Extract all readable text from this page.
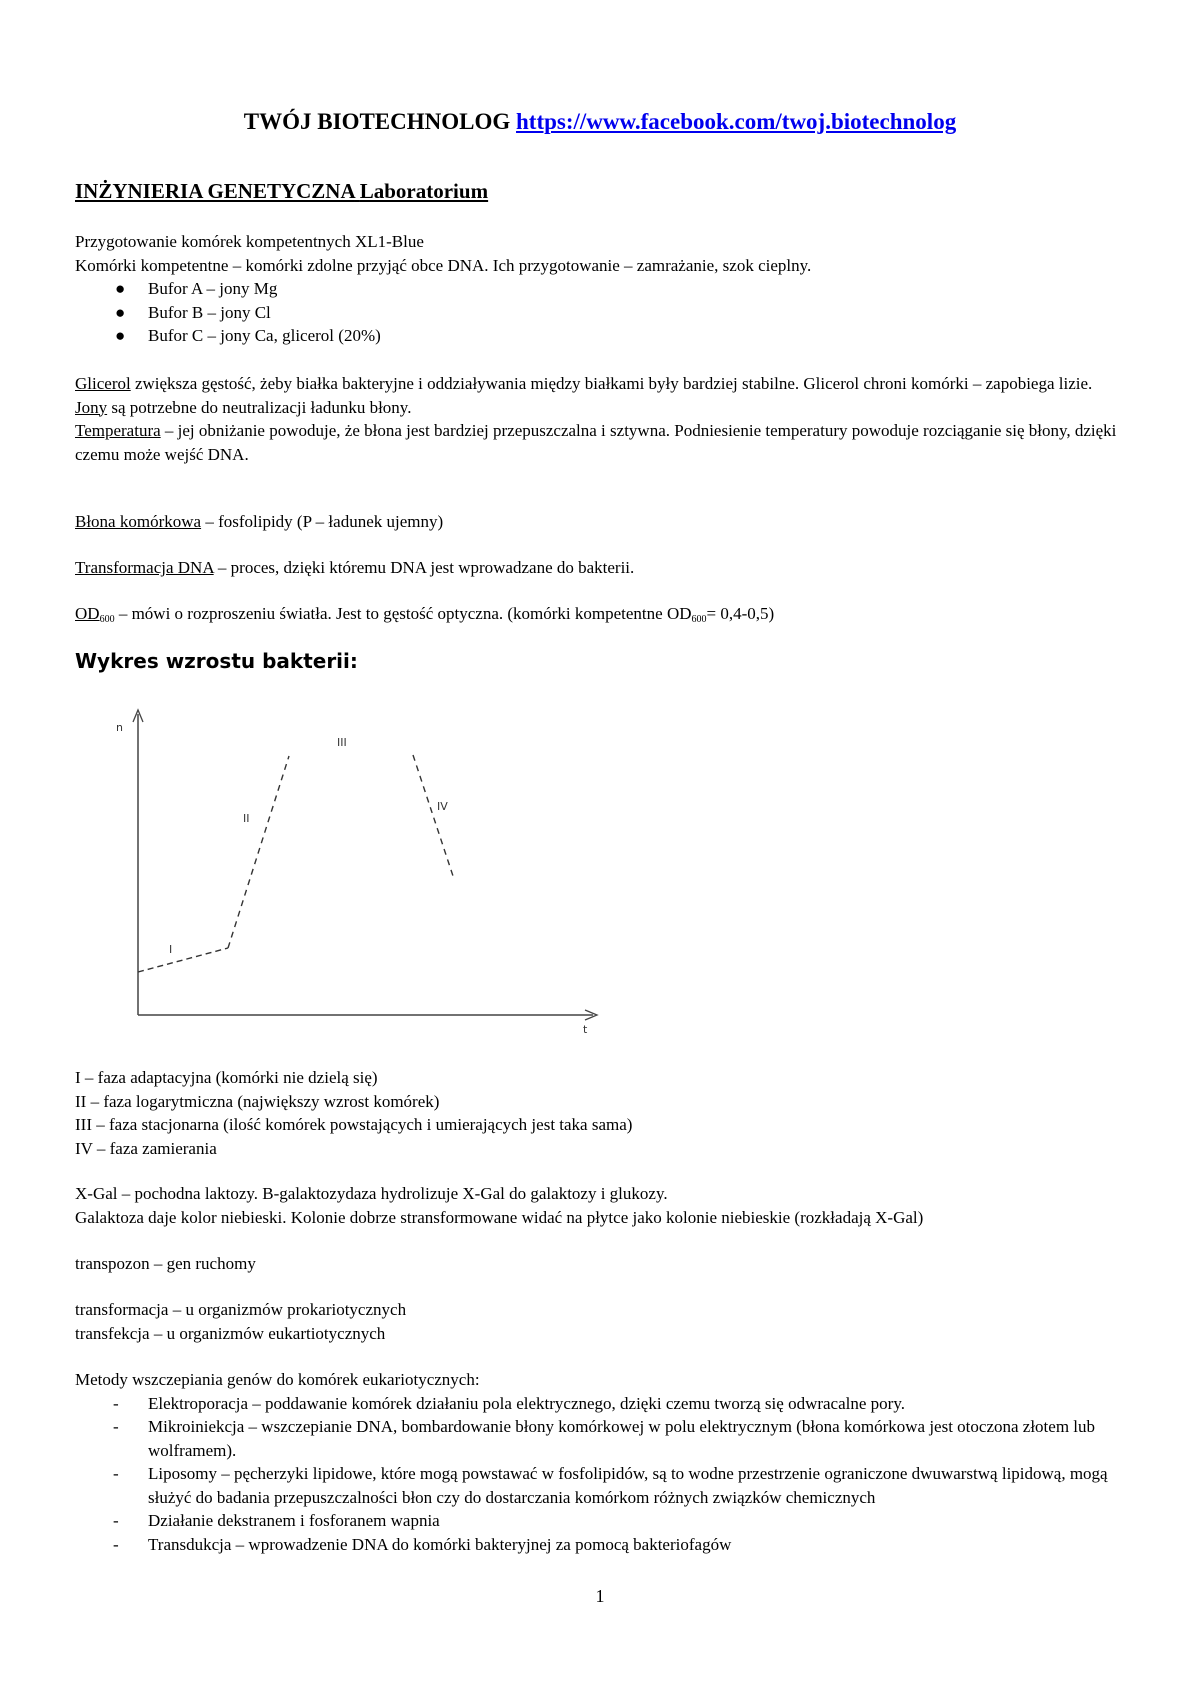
TWÓJ BIOTECHNOLOG https://www.facebook.com/twoj.biotechnolog
INŻYNIERIA GENETYCZNA Laboratorium

Przygotowanie komórek kompetentnych XL1-Blue

Komórki kompetentne – komórki zdolne przyjąć obce DNA. Ich przygotowanie – zamrażanie, szok cieplny.

● Bufor A – jony Mg
● Bufor B – jony Cl
● Bufor C – jony Ca, glicerol (20%)

Glicerol zwiększa gęstość, żeby białka bakteryjne i oddziaływania między białkami były bardziej stabilne. Glicerol chroni komórki – zapobiega lizie.

Jony są potrzebne do neutralizacji ładunku błony.

Temperatura – jej obniżanie powoduje, że błona jest bardziej przepuszczalna i sztywna. Podniesienie temperatury powoduje rozciąganie się błony, dzięki czemu może wejść DNA.

Błona komórkowa – fosfolipidy (P – ładunek ujemny)

Transformacja DNA – proces, dzięki któremu DNA jest wprowadzane do bakterii.

$OD_{600}$ – mówi o rozproszeniu światła. Jest to gęstość optyczna. (komórki kompetentne $OD_{600}= 0,4-0,5$)

Wykres wzrostu bakterii:
n
t
I
II
III
IV

I – faza adaptacyjna (komórki nie dzielą się)

II – faza logarytmiczna (największy wzrost komórek)

III – faza stacjonarna (ilość komórek powstających i umierających jest taka sama)

IV – faza zamierania

X-Gal – pochodna laktozy. B-galaktozydaza hydrolizuje X-Gal do galaktozy i glukozy.

Galaktoza daje kolor niebieski. Kolonie dobrze stransformowane widać na płytce jako kolonie niebieskie (rozkładają X-Gal)

transpozon – gen ruchomy

transformacja – u organizmów prokariotycznych

transfekcja – u organizmów eukartiotycznych

Metody wszczepiania genów do komórek eukariotycznych:

- Elektroporacja – poddawanie komórek działaniu pola elektrycznego, dzięki czemu tworzą się odwracalne pory.
- Mikroiniekcja – wszczepianie DNA, bombardowanie błony komórkowej w polu elektrycznym (błona komórkowa jest otoczona złotem lub wolframem).
- Liposomy – pęcherzyki lipidowe, które mogą powstawać w fosfolipidów, są to wodne przestrzenie ograniczone dwuwarstwą lipidową, mogą służyć do badania przepuszczalności błon czy do dostarczania komórkom różnych związków chemicznych
- Działanie dekstranem i fosforanem wapnia
- Transdukcja – wprowadzenie DNA do komórki bakteryjnej za pomocą bakteriofagów
1
